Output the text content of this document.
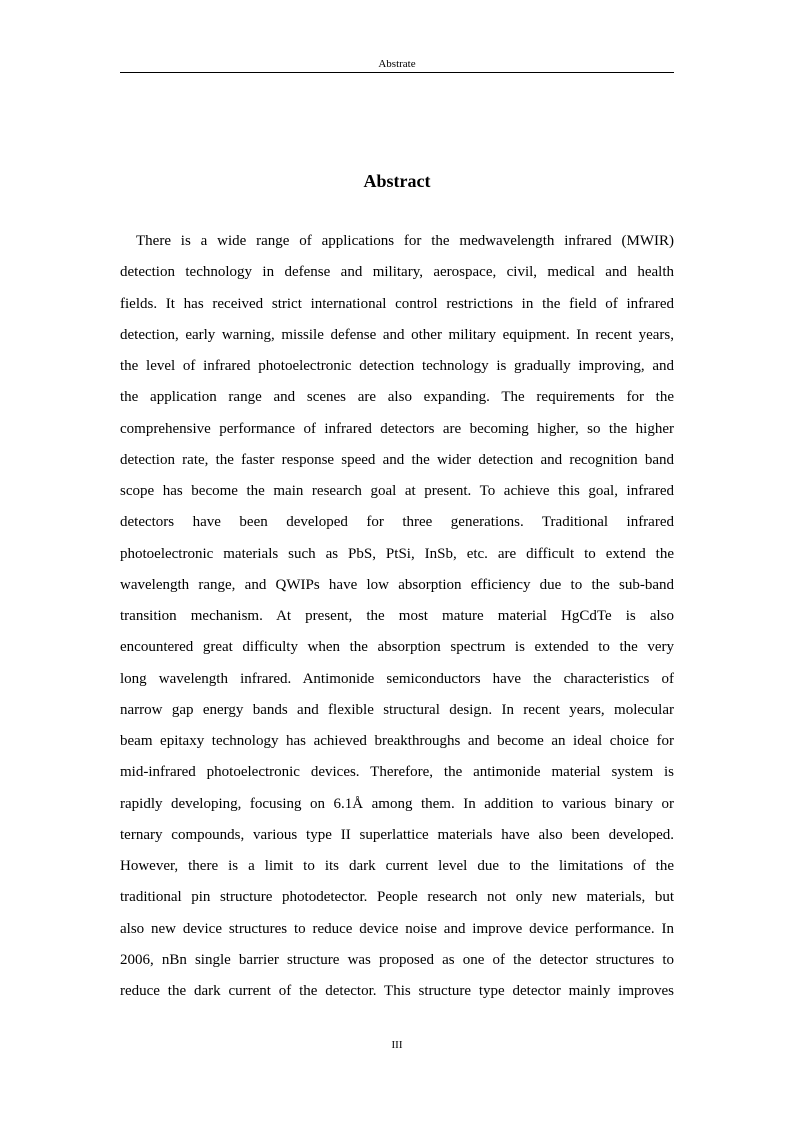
Abstrate
Abstract
There is a wide range of applications for the medwavelength infrared (MWIR)
detection technology in defense and military, aerospace, civil, medical and health
fields. It has received strict international control restrictions in the field of infrared
detection, early warning, missile defense and other military equipment. In recent years,
the level of infrared photoelectronic detection technology is gradually improving, and
the application range and scenes are also expanding. The requirements for the
comprehensive performance of infrared detectors are becoming higher, so the higher
detection rate, the faster response speed and the wider detection and recognition band
scope has become the main research goal at present. To achieve this goal, infrared
detectors have been developed for three generations. Traditional infrared
photoelectronic materials such as PbS, PtSi, InSb, etc. are difficult to extend the
wavelength range, and QWIPs have low absorption efficiency due to the sub-band
transition mechanism. At present, the most mature material HgCdTe is also
encountered great difficulty when the absorption spectrum is extended to the very
long wavelength infrared. Antimonide semiconductors have the characteristics of
narrow gap energy bands and flexible structural design. In recent years, molecular
beam epitaxy technology has achieved breakthroughs and become an ideal choice for
mid-infrared photoelectronic devices. Therefore, the antimonide material system is
rapidly developing, focusing on 6.1Å among them. In addition to various binary or
ternary compounds, various type II superlattice materials have also been developed.
However, there is a limit to its dark current level due to the limitations of the
traditional pin structure photodetector. People research not only new materials, but
also new device structures to reduce device noise and improve device performance. In
2006, nBn single barrier structure was proposed as one of the detector structures to
reduce the dark current of the detector. This structure type detector mainly improves
III
